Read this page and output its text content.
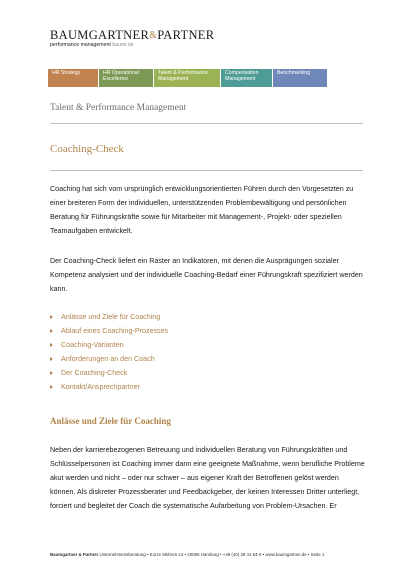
BAUMGARTNER&PARTNER
performance management baumi.de
HR Strategy	HR Operational Excellence
Talent & Performance Management
Compensation Management
Benchmarking
Talent & Performance Management
Coaching-Check

Coaching hat sich vom ursprünglich entwicklungsorientierten Führen durch den Vorgesetzten zu einer breiteren Form der individuellen, unterstützenden Problembewältigung und persönlichen Beratung für Führungskräfte sowie für Mitarbeiter mit Management-, Projekt- oder speziellen Teamaufgaben entwickelt.

Der Coaching-Check liefert ein Raster an Indikatoren, mit denen die Ausprägungen sozialer Kompetenz analysiert und der individuelle Coaching-Bedarf einer Führungskraft spezifiziert werden kann.

Anlässe und Ziele für Coaching
Ablauf eines Coaching-Prozesses
Coaching-Varianten
Anforderungen an den Coach
Der Coaching-Check
Kontakt/Ansprechpartner
Anlässe und Ziele für Coaching

Neben der karrierebezogenen Betreuung und individuellen Beratung von Führungskräften und Schlüsselpersonen ist Coaching immer dann eine geeignete Maßnahme, wenn berufliche Probleme akut werden und nicht – oder nur schwer – aus eigener Kraft der Betroffenen gelöst werden können. Als diskreter Prozessberater und Feedbackgeber, der keinen Interessen Dritter unterliegt, forciert und begleitet der Coach die systematische Aufarbeitung von Problem-Ursachen. Er

Baumgartner & Partner Unternehmensberatung • Kurze Mühren 13 • 20095 Hamburg • +49 (40) 28 41 64-0 • www.baumgartner.de • Seite 1
